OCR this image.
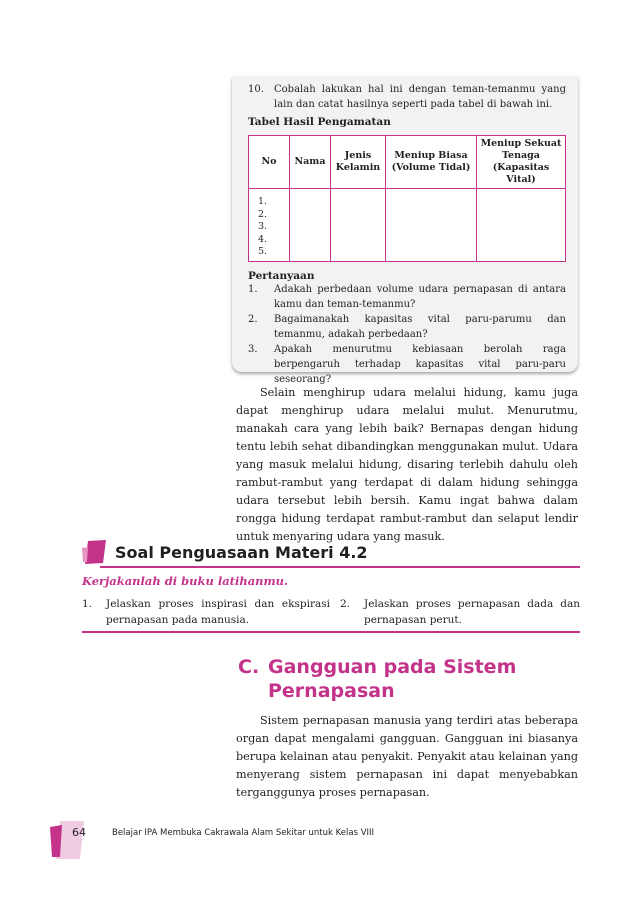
10.	Cobalah lakukan hal ini dengan teman-temanmu yang lain dan catat hasilnya seperti pada tabel di bawah ini.
Tabel Hasil Pengamatan
No	Nama	Jenis Kelamin	Meniup Biasa (Volume Tidal)	Meniup Sekuat Tenaga (Kapasitas Vital)

1.
2.
3.
4.
5.				

Pertanyaan
1.	Adakah perbedaan volume udara pernapasan di antara kamu dan teman-temanmu?
2.	Bagaimanakah kapasitas vital paru-parumu dan temanmu, adakah perbedaan?
3.	Apakah menurutmu kebiasaan berolah raga berpengaruh terhadap kapasitas vital paru-paru seseorang?
Selain menghirup udara melalui hidung, kamu juga dapat menghirup udara melalui mulut. Menurutmu, manakah cara yang lebih baik? Bernapas dengan hidung tentu lebih sehat dibandingkan menggunakan mulut. Udara yang masuk melalui hidung, disaring terlebih dahulu oleh rambut-rambut yang terdapat di dalam hidung sehingga udara tersebut lebih bersih. Kamu ingat bahwa dalam rongga hidung terdapat rambut-rambut dan selaput lendir untuk menyaring udara yang masuk.
Soal Penguasaan Materi 4.2
Kerjakanlah di buku latihanmu.
1.	Jelaskan proses inspirasi dan ekspirasi pernapasan pada manusia.
2.	Jelaskan proses pernapasan dada dan pernapasan perut.
C. Gangguan pada Sistem
Pernapasan
Sistem pernapasan manusia yang terdiri atas beberapa organ dapat mengalami gangguan. Gangguan ini biasanya berupa kelainan atau penyakit. Penyakit atau kelainan yang menyerang sistem pernapasan ini dapat menyebabkan terganggunya proses pernapasan.
64	Belajar IPA Membuka Cakrawala Alam Sekitar untuk Kelas VIII
